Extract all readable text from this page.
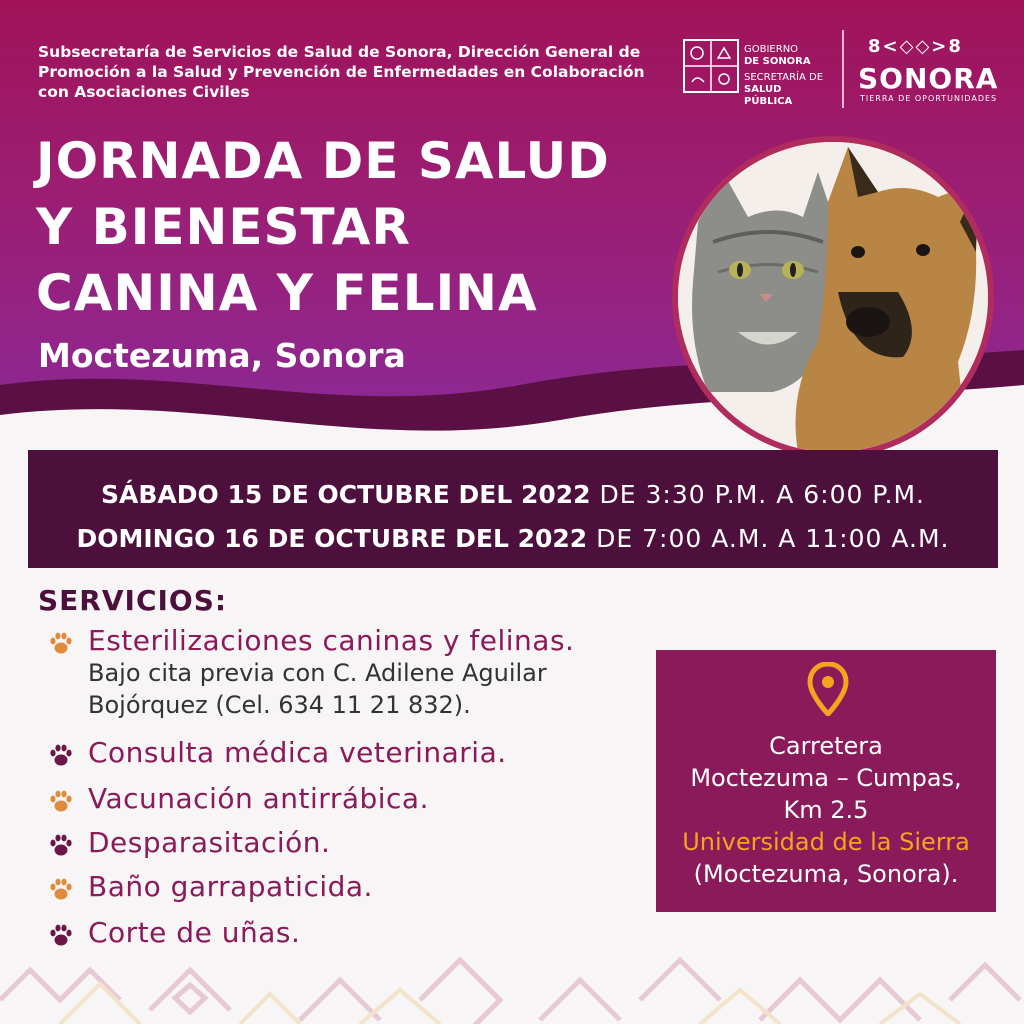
Subsecretaría de Servicios de Salud de Sonora, Dirección General de Promoción a la Salud y Prevención de Enfermedades en Colaboración con Asociaciones Civiles
GOBIERNO
DE SONORA
SECRETARÍA DE
SALUD PÚBLICA
8<◇◇>8
SONORA
TIERRA DE OPORTUNIDADES
JORNADA DE SALUD
Y BIENESTAR
CANINA Y FELINA
Moctezuma, Sonora
SÁBADO 15 DE OCTUBRE DEL 2022 DE 3:30 P.M. A 6:00 P.M.
DOMINGO 16 DE OCTUBRE DEL 2022 DE 7:00 A.M. A 11:00 A.M.
SERVICIOS:
Esterilizaciones caninas y felinas.
Bajo cita previa con C. Adilene Aguilar
Bojórquez (Cel. 634 11 21 832).
Consulta médica veterinaria.
Vacunación antirrábica.
Desparasitación.
Baño garrapaticida.
Corte de uñas.
Carretera
Moctezuma – Cumpas,
Km 2.5
Universidad de la Sierra
(Moctezuma, Sonora).
